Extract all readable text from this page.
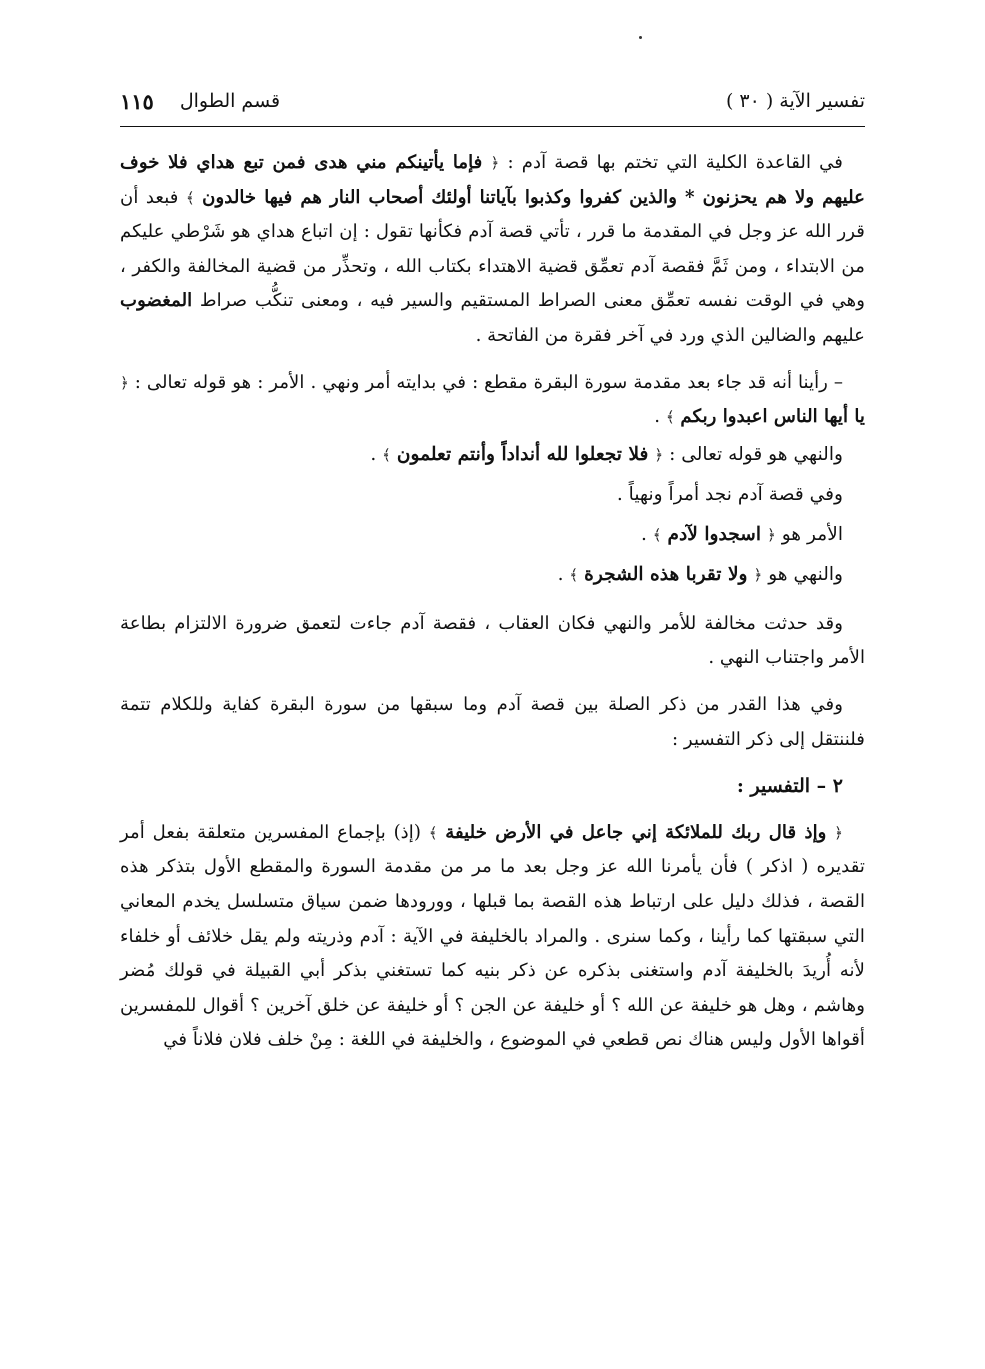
تفسير الآية ( ٣٠ )
قسم الطوال
١١٥

في القاعدة الكلية التي تختم بها قصة آدم : ﴿ فإما يأتينكم مني هدى فمن تبع هداي فلا خوف عليهم ولا هم يحزنون * والذين كفروا وكذبوا بآياتنا أولئك أصحاب النار هم فيها خالدون ﴾ فبعد أن قرر الله عز وجل في المقدمة ما قرر ، تأتي قصة آدم فكأنها تقول : إن اتباع هداي هو شَرْطي عليكم من الابتداء ، ومن ثَمَّ فقصة آدم تعمِّق قضية الاهتداء بكتاب الله ، وتحذِّر من قضية المخالفة والكفر ، وهي في الوقت نفسه تعمِّق معنى الصراط المستقيم والسير فيه ، ومعنى تنكُّب صراط المغضوب عليهم والضالين الذي ورد في آخر فقرة من الفاتحة .

– رأينا أنه قد جاء بعد مقدمة سورة البقرة مقطع : في بدايته أمر ونهي . الأمر : هو قوله تعالى : ﴿ يا أيها الناس اعبدوا ربكم ﴾ .

والنهي هو قوله تعالى : ﴿ فلا تجعلوا لله أنداداً وأنتم تعلمون ﴾ .

وفي قصة آدم نجد أمراً ونهياً .

الأمر هو ﴿ اسجدوا لآدم ﴾ .

والنهي هو ﴿ ولا تقربا هذه الشجرة ﴾ .

وقد حدثت مخالفة للأمر والنهي فكان العقاب ، فقصة آدم جاءت لتعمق ضرورة الالتزام بطاعة الأمر واجتناب النهي .

وفي هذا القدر من ذكر الصلة بين قصة آدم وما سبقها من سورة البقرة كفاية وللكلام تتمة فلننتقل إلى ذكر التفسير :

٢ – التفسير :

﴿ وإذ قال ربك للملائكة إني جاعل في الأرض خليفة ﴾ (إذ) بإجماع المفسرين متعلقة بفعل أمر تقديره ( اذكر ) فأن يأمرنا الله عز وجل بعد ما مر من مقدمة السورة والمقطع الأول بتذكر هذه القصة ، فذلك دليل على ارتباط هذه القصة بما قبلها ، وورودها ضمن سياق متسلسل يخدم المعاني التي سبقتها كما رأينا ، وكما سنرى . والمراد بالخليفة في الآية : آدم وذريته ولم يقل خلائف أو خلفاء لأنه أُريدَ بالخليفة آدم واستغنى بذكره عن ذكر بنيه كما تستغني بذكر أبي القبيلة في قولك مُضر وهاشم ، وهل هو خليفة عن الله ؟ أو خليفة عن الجن ؟ أو خليفة عن خلق آخرين ؟ أقوال للمفسرين أقواها الأول وليس هناك نص قطعي في الموضوع ، والخليفة في اللغة : مِنْ خلف فلان فلاناً في
